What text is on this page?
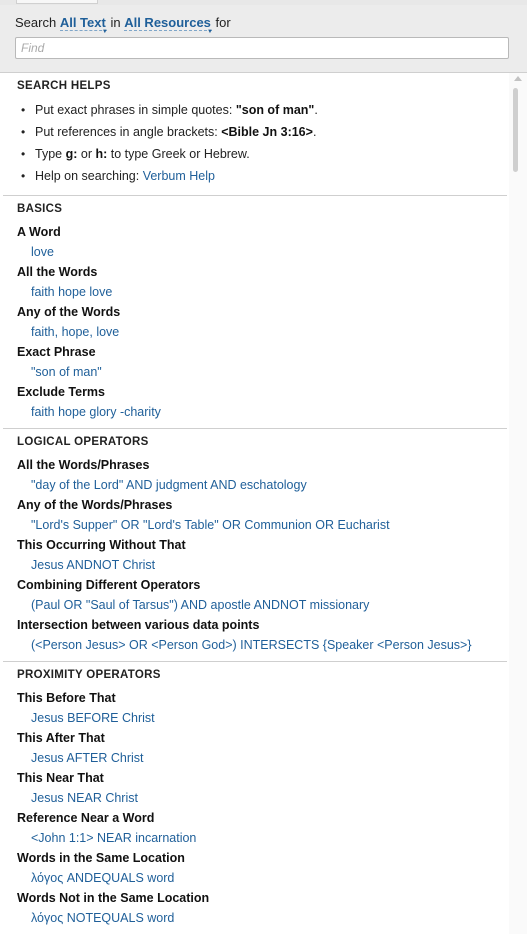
Search All Text
▼
in All Resources
▼
for
Find
SEARCH HELPS
• Put exact phrases in simple quotes: "son of man".
• Put references in angle brackets: <Bible Jn 3:16>.
• Type g: or h: to type Greek or Hebrew.
• Help on searching: Verbum Help
BASICS
A Word
love
All the Words
faith hope love
Any of the Words
faith, hope, love
Exact Phrase
"son of man"
Exclude Terms
faith hope glory -charity
LOGICAL OPERATORS
All the Words/Phrases
"day of the Lord" AND judgment AND eschatology
Any of the Words/Phrases
"Lord's Supper" OR "Lord's Table" OR Communion OR Eucharist
This Occurring Without That
Jesus ANDNOT Christ
Combining Different Operators
(Paul OR "Saul of Tarsus") AND apostle ANDNOT missionary
Intersection between various data points
(<Person Jesus> OR <Person God>) INTERSECTS {Speaker <Person Jesus>}
PROXIMITY OPERATORS
This Before That
Jesus BEFORE Christ
This After That
Jesus AFTER Christ
This Near That
Jesus NEAR Christ
Reference Near a Word
<John 1:1> NEAR incarnation
Words in the Same Location
λόγος ANDEQUALS word
Words Not in the Same Location
λόγος NOTEQUALS word
